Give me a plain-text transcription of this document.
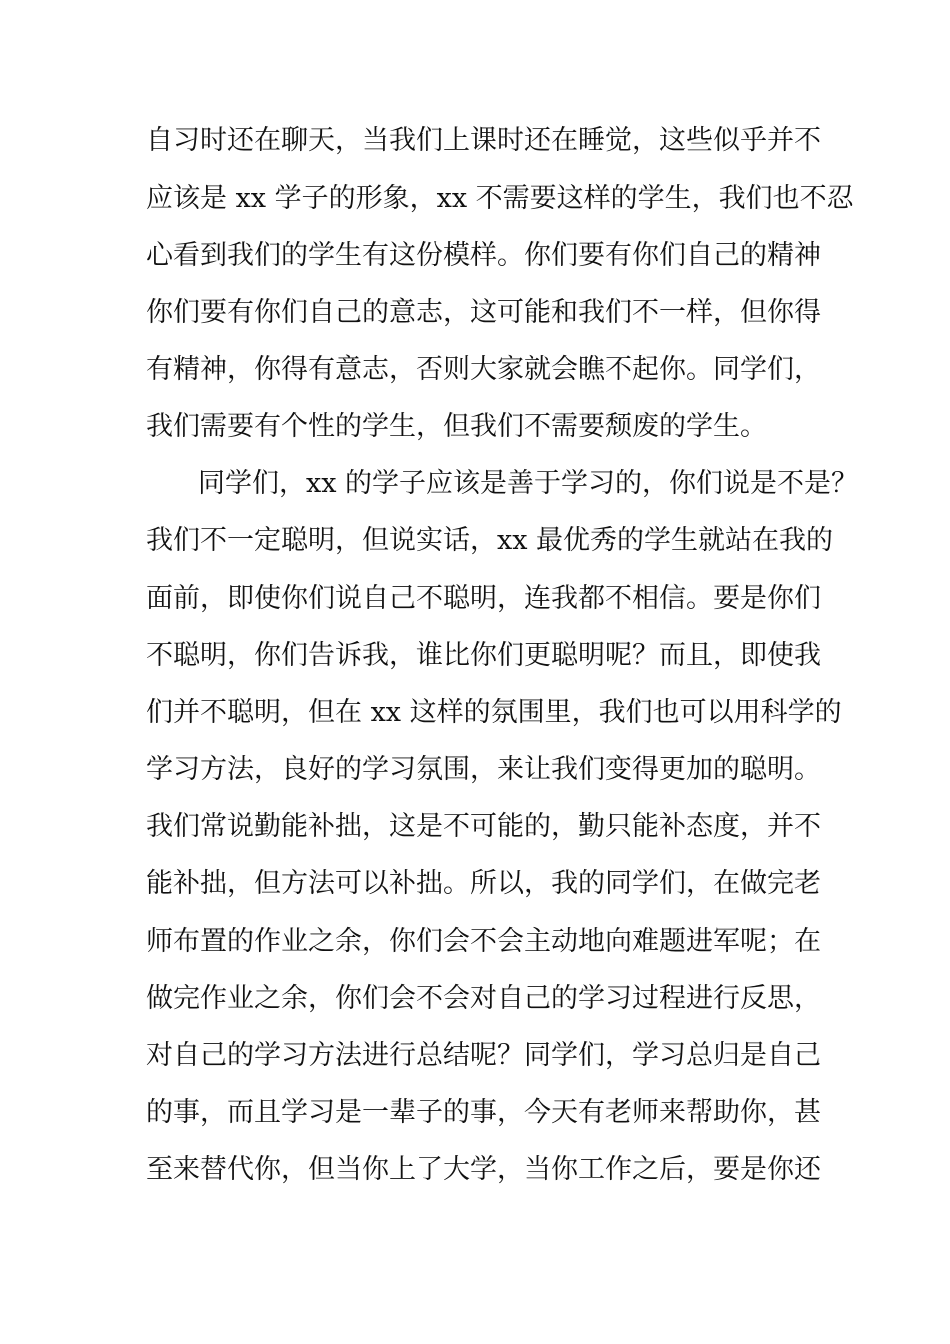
自习时还在聊天，当我们上课时还在睡觉，这些似乎并不
应该是 xx 学子的形象，xx 不需要这样的学生，我们也不忍
心看到我们的学生有这份模样。你们要有你们自己的精神
你们要有你们自己的意志，这可能和我们不一样，但你得
有精神，你得有意志，否则大家就会瞧不起你。同学们，
我们需要有个性的学生，但我们不需要颓废的学生。
同学们，xx 的学子应该是善于学习的，你们说是不是？
我们不一定聪明，但说实话，xx 最优秀的学生就站在我的
面前，即使你们说自己不聪明，连我都不相信。要是你们
不聪明，你们告诉我，谁比你们更聪明呢？而且，即使我
们并不聪明，但在 xx 这样的氛围里，我们也可以用科学的
学习方法，良好的学习氛围，来让我们变得更加的聪明。
我们常说勤能补拙，这是不可能的，勤只能补态度，并不
能补拙，但方法可以补拙。所以，我的同学们，在做完老
师布置的作业之余，你们会不会主动地向难题进军呢；在
做完作业之余，你们会不会对自己的学习过程进行反思，
对自己的学习方法进行总结呢？同学们，学习总归是自己
的事，而且学习是一辈子的事，今天有老师来帮助你，甚
至来替代你，但当你上了大学，当你工作之后，要是你还
